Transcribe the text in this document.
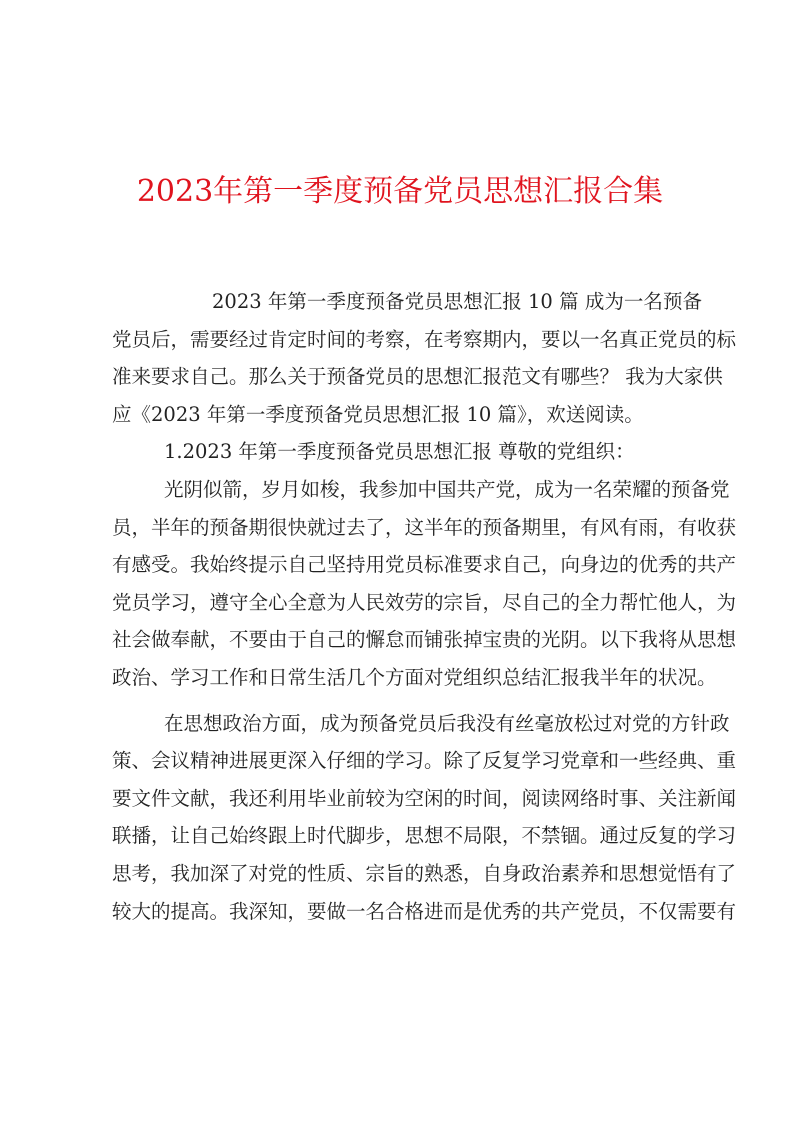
2023年第一季度预备党员思想汇报合集
2023 年第一季度预备党员思想汇报 10 篇 成为一名预备
党员后，需要经过肯定时间的考察，在考察期内，要以一名真正党员的标
准来要求自己。那么关于预备党员的思想汇报范文有哪些？ 我为大家供
应《2023 年第一季度预备党员思想汇报 10 篇》，欢送阅读。
1.2023 年第一季度预备党员思想汇报 尊敬的党组织：
光阴似箭，岁月如梭，我参加中国共产党，成为一名荣耀的预备党
员，半年的预备期很快就过去了，这半年的预备期里，有风有雨，有收获
有感受。我始终提示自己坚持用党员标准要求自己，向身边的优秀的共产
党员学习，遵守全心全意为人民效劳的宗旨，尽自己的全力帮忙他人，为
社会做奉献，不要由于自己的懈怠而铺张掉宝贵的光阴。以下我将从思想
政治、学习工作和日常生活几个方面对党组织总结汇报我半年的状况。
在思想政治方面，成为预备党员后我没有丝毫放松过对党的方针政
策、会议精神进展更深入仔细的学习。除了反复学习党章和一些经典、重
要文件文献，我还利用毕业前较为空闲的时间，阅读网络时事、关注新闻
联播，让自己始终跟上时代脚步，思想不局限，不禁锢。通过反复的学习
思考，我加深了对党的性质、宗旨的熟悉，自身政治素养和思想觉悟有了
较大的提高。我深知，要做一名合格进而是优秀的共产党员，不仅需要有
